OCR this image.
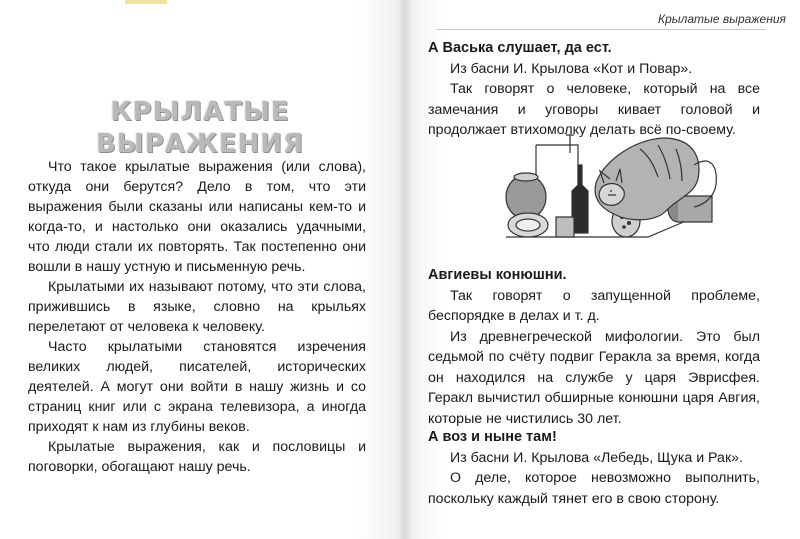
КРЫЛАТЫЕ
ВЫРАЖЕНИЯ

Что такое крылатые выражения (или слова), откуда они берутся? Дело в том, что эти выражения были сказаны или написаны кем-то и когда-то, и настолько они оказались удачными, что люди стали их повторять. Так постепенно они вошли в нашу устную и письменную речь.

Крылатыми их называют потому, что эти слова, прижившись в языке, словно на крыльях перелетают от человека к человеку.

Часто крылатыми становятся изречения великих людей, писателей, исторических деятелей. А могут они войти в нашу жизнь и со страниц книг или с экрана телевизора, а иногда приходят к нам из глубины веков.

Крылатые выражения, как и пословицы и поговорки, обогащают нашу речь.

Крылатые выражения
А Васька слушает, да ест.

Из басни И. Крылова «Кот и Повар».

Так говорят о человеке, который на все замечания и уговоры кивает головой и продолжает втихомолку делать всё по-своему.

Авгиевы конюшни.

Так говорят о запущенной проблеме, беспорядке в делах и т. д.

Из древнегреческой мифологии. Это был седьмой по счёту подвиг Геракла за время, когда он находился на службе у царя Эврисфея. Геракл вычистил обширные конюшни царя Авгия, которые не чистились 30 лет.

А воз и ныне там!

Из басни И. Крылова «Лебедь, Щука и Рак».

О деле, которое невозможно выполнить, поскольку каждый тянет его в свою сторону.
